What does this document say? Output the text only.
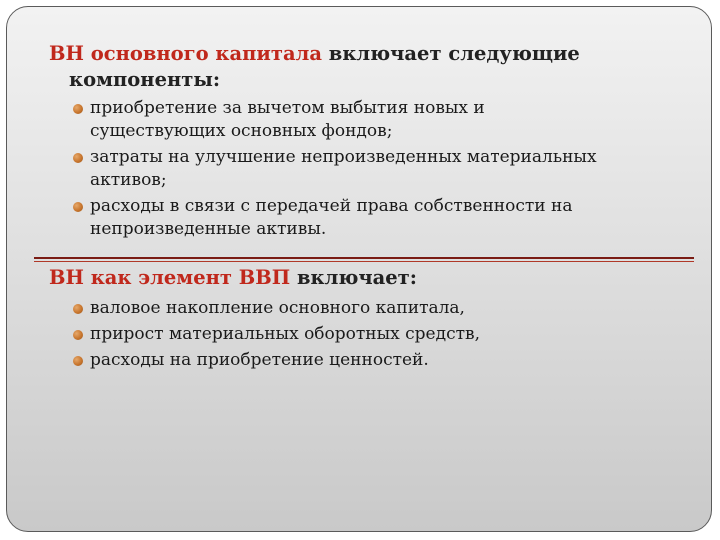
ВН основного капитала включает следующие
компоненты:
приобретение за вычетом выбытия новых и
существующих основных фондов;
затраты на улучшение непроизведенных материальных
активов;
расходы в связи с передачей права собственности на
непроизведенные активы.
ВН как элемент ВВП включает:
валовое накопление основного капитала,
прирост материальных оборотных средств,
расходы на приобретение ценностей.
